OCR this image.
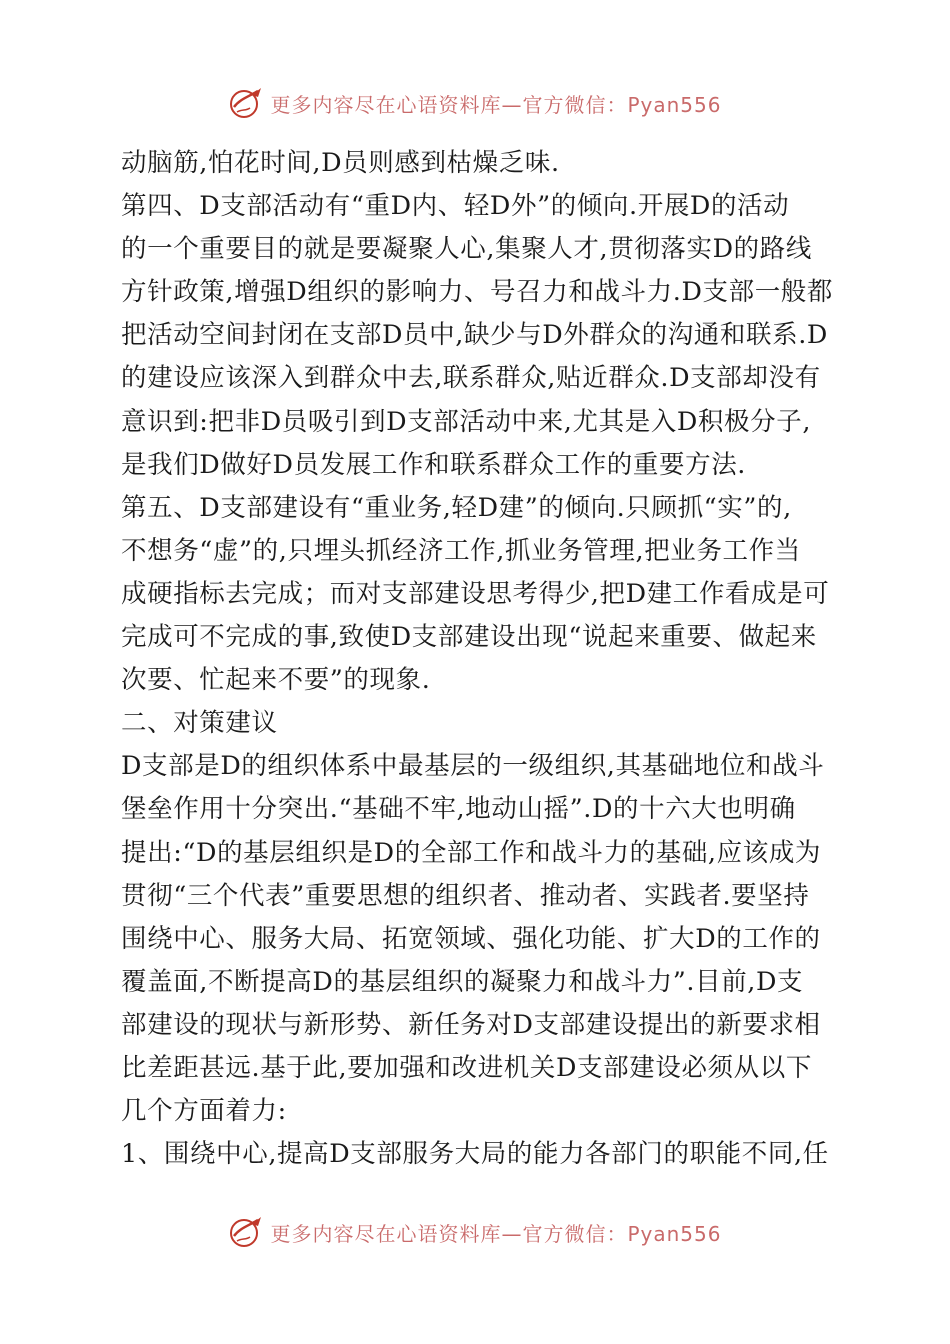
更多内容尽在心语资料库—官方微信：Pyan556
动脑筋,怕花时间,D员则感到枯燥乏味.
第四、D支部活动有“重D内、轻D外”的倾向.开展D的活动
的一个重要目的就是要凝聚人心,集聚人才,贯彻落实D的路线
方针政策,增强D组织的影响力、号召力和战斗力.D支部一般都
把活动空间封闭在支部D员中,缺少与D外群众的沟通和联系.D
的建设应该深入到群众中去,联系群众,贴近群众.D支部却没有
意识到:把非D员吸引到D支部活动中来,尤其是入D积极分子,
是我们D做好D员发展工作和联系群众工作的重要方法.
第五、D支部建设有“重业务,轻D建”的倾向.只顾抓“实”的,
不想务“虚”的,只埋头抓经济工作,抓业务管理,把业务工作当
成硬指标去完成；而对支部建设思考得少,把D建工作看成是可
完成可不完成的事,致使D支部建设出现“说起来重要、做起来
次要、忙起来不要”的现象.
二、对策建议
D支部是D的组织体系中最基层的一级组织,其基础地位和战斗
堡垒作用十分突出.“基础不牢,地动山摇”.D的十六大也明确
提出:“D的基层组织是D的全部工作和战斗力的基础,应该成为
贯彻“三个代表”重要思想的组织者、推动者、实践者.要坚持
围绕中心、服务大局、拓宽领域、强化功能、扩大D的工作的
覆盖面,不断提高D的基层组织的凝聚力和战斗力”.目前,D支
部建设的现状与新形势、新任务对D支部建设提出的新要求相
比差距甚远.基于此,要加强和改进机关D支部建设必须从以下
几个方面着力:
1、围绕中心,提高D支部服务大局的能力各部门的职能不同,任
更多内容尽在心语资料库—官方微信：Pyan556
